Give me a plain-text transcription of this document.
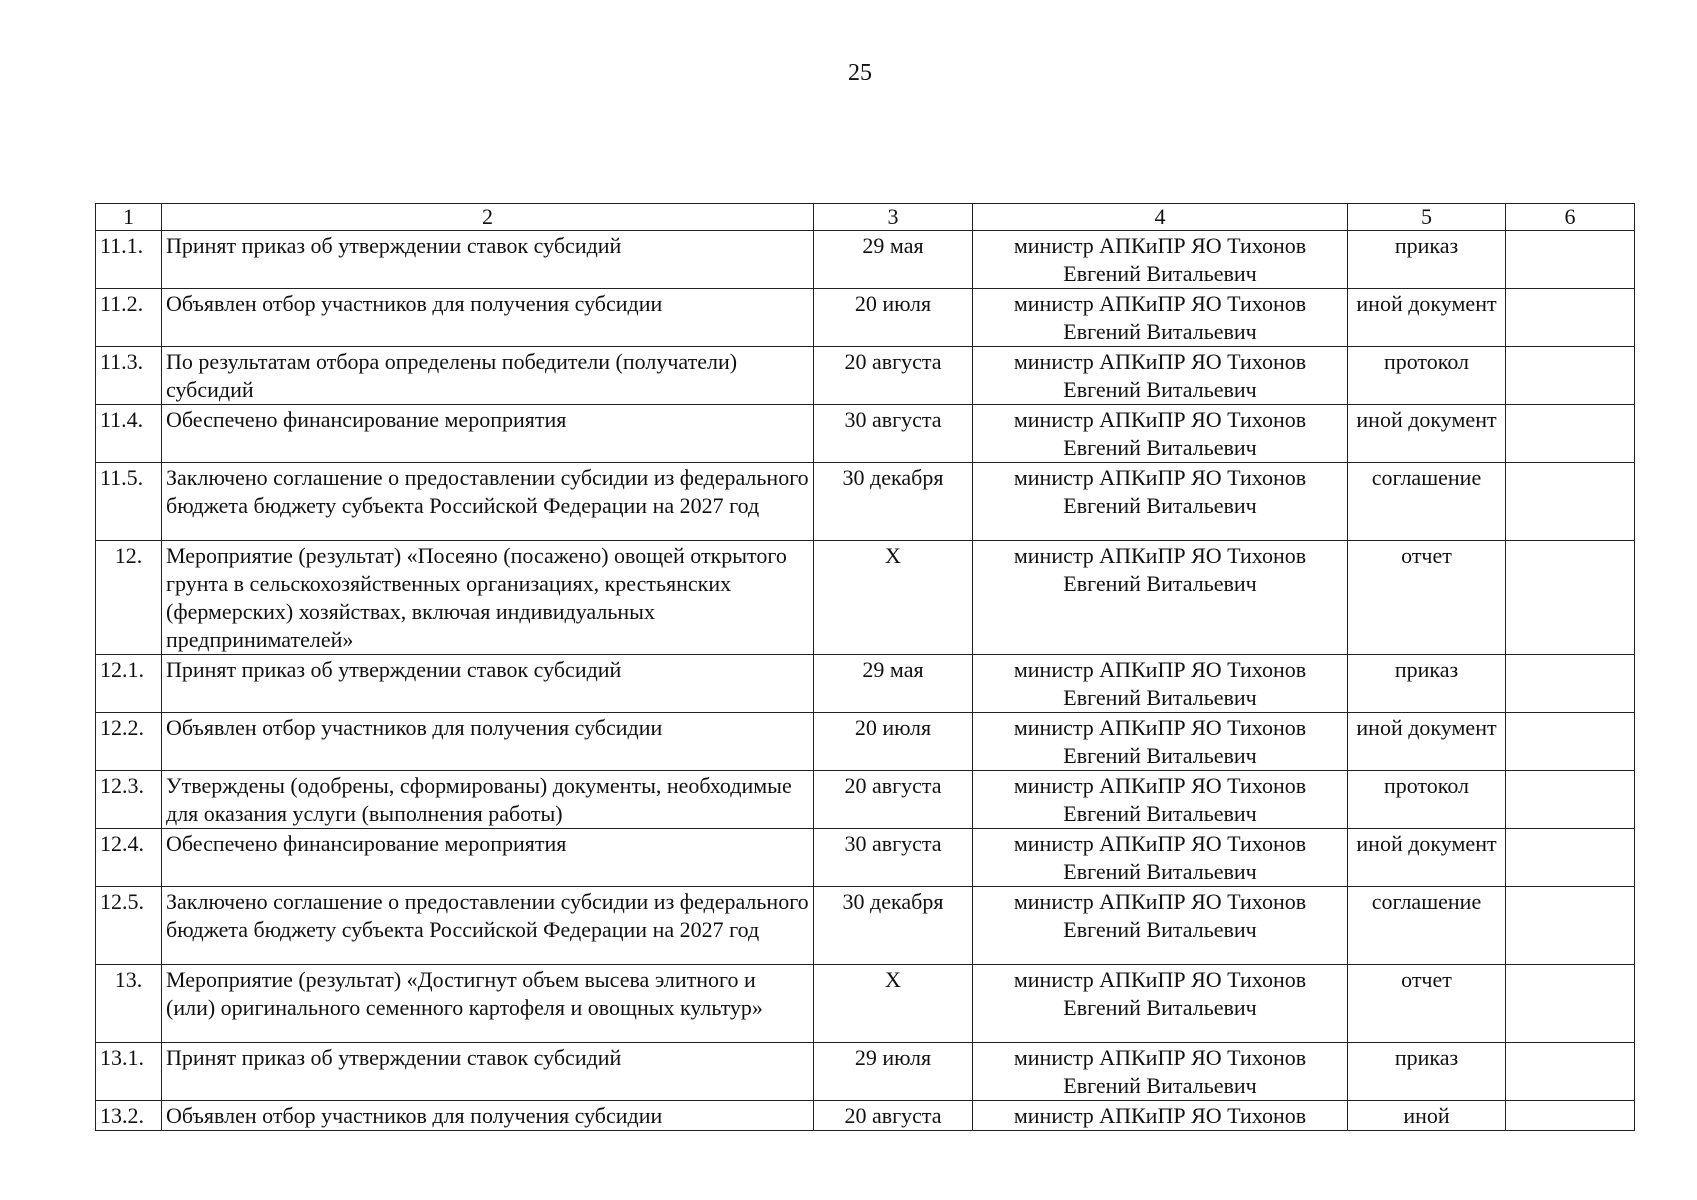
25
1	2	3	4	5	6
11.1.	Принят приказ об утверждении ставок субсидий	29 мая	министр АПКиПР ЯО Тихонов
Евгений Витальевич	приказ	
11.2.	Объявлен отбор участников для получения субсидии	20 июля	министр АПКиПР ЯО Тихонов
Евгений Витальевич	иной документ	
11.3.	По результатам отбора определены победители (получатели) субсидий	20 августа	министр АПКиПР ЯО Тихонов
Евгений Витальевич	протокол	
11.4.	Обеспечено финансирование мероприятия	30 августа	министр АПКиПР ЯО Тихонов
Евгений Витальевич	иной документ	
11.5.	Заключено соглашение о предоставлении субсидии из федерального бюджета бюджету субъекта Российской Федерации на 2027 год	30 декабря	министр АПКиПР ЯО Тихонов
Евгений Витальевич	соглашение	
12.	Мероприятие (результат) «Посеяно (посажено) овощей открытого грунта в сельскохозяйственных организациях, крестьянских (фермерских) хозяйствах, включая индивидуальных предпринимателей»	Х	министр АПКиПР ЯО Тихонов
Евгений Витальевич	отчет	
12.1.	Принят приказ об утверждении ставок субсидий	29 мая	министр АПКиПР ЯО Тихонов
Евгений Витальевич	приказ	
12.2.	Объявлен отбор участников для получения субсидии	20 июля	министр АПКиПР ЯО Тихонов
Евгений Витальевич	иной документ	
12.3.	Утверждены (одобрены, сформированы) документы, необходимые для оказания услуги (выполнения работы)	20 августа	министр АПКиПР ЯО Тихонов
Евгений Витальевич	протокол	
12.4.	Обеспечено финансирование мероприятия	30 августа	министр АПКиПР ЯО Тихонов
Евгений Витальевич	иной документ	
12.5.	Заключено соглашение о предоставлении субсидии из федерального бюджета бюджету субъекта Российской Федерации на 2027 год	30 декабря	министр АПКиПР ЯО Тихонов
Евгений Витальевич	соглашение	
13.	Мероприятие (результат) «Достигнут объем высева элитного и (или) оригинального семенного картофеля и овощных культур»	Х	министр АПКиПР ЯО Тихонов
Евгений Витальевич	отчет	
13.1.	Принят приказ об утверждении ставок субсидий	29 июля	министр АПКиПР ЯО Тихонов
Евгений Витальевич	приказ	
13.2.	Объявлен отбор участников для получения субсидии	20 августа	министр АПКиПР ЯО Тихонов	иной	
